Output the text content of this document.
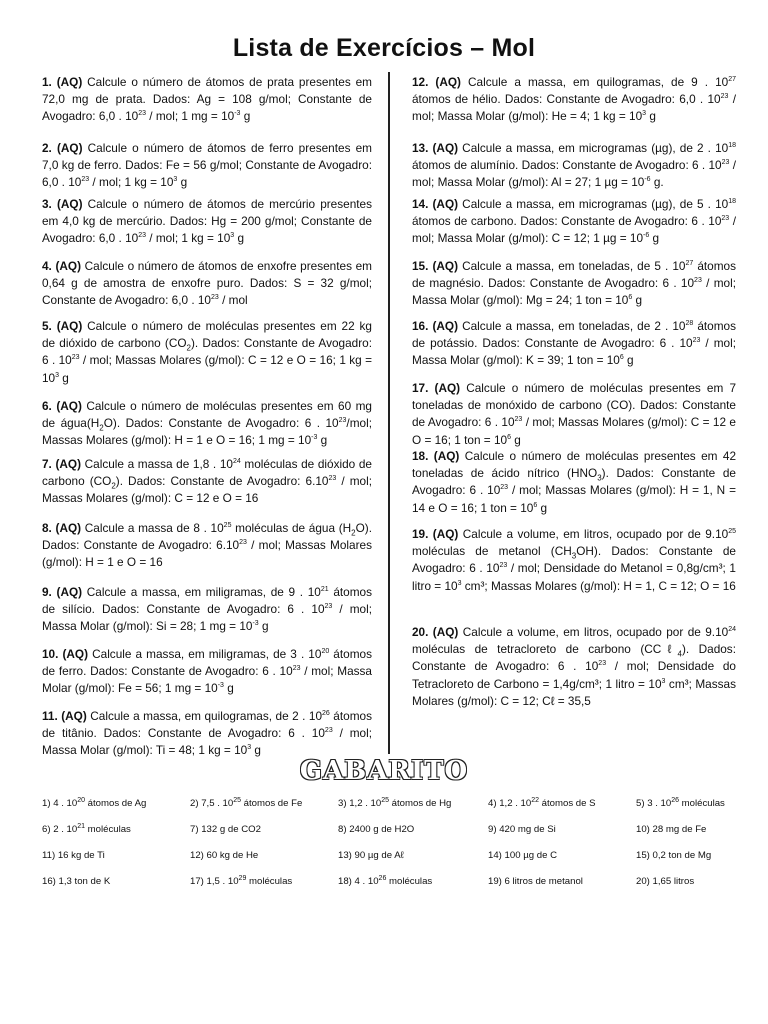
Lista de Exercícios – Mol
1. (AQ) Calcule o número de átomos de prata presentes em 72,0 mg de prata. Dados: Ag = 108 g/mol; Constante de Avogadro: 6,0 . $10^{23}$ / mol; 1 mg = $10^{-3}$ g
2. (AQ) Calcule o número de átomos de ferro presentes em 7,0 kg de ferro. Dados: Fe = 56 g/mol; Constante de Avogadro: 6,0 . $10^{23}$ / mol; 1 kg = $10^3$ g
3. (AQ) Calcule o número de átomos de mercúrio presentes em 4,0 kg de mercúrio. Dados: Hg = 200 g/mol; Constante de Avogadro: 6,0 . $10^{23}$ / mol; 1 kg = $10^3$ g
4. (AQ) Calcule o número de átomos de enxofre presentes em 0,64 g de amostra de enxofre puro. Dados: S = 32 g/mol; Constante de Avogadro: 6,0 . $10^{23}$ / mol
5. (AQ) Calcule o número de moléculas presentes em 22 kg de dióxido de carbono $(CO_2)$. Dados: Constante de Avogadro: 6 . $10^{23}$ / mol; Massas Molares (g/mol): C = 12 e O = 16; 1 kg = $10^3$ g
6. (AQ) Calcule o número de moléculas presentes em 60 mg de $água(H_2O)$. Dados: Constante de Avogadro: 6 . $10^{23}$/mol; Massas Molares (g/mol): H = 1 e O = 16; 1 mg = $10^{-3}$ g
7. (AQ) Calcule a massa de 1,8 . $10^{24}$ moléculas de dióxido de carbono $(CO_2)$. Dados: Constante de Avogadro: 6.10$^{23}$ / mol; Massas Molares (g/mol): C = 12 e O = 16
8. (AQ) Calcule a massa de 8 . $10^{25}$ moléculas de água $(H_2O)$. Dados: Constante de Avogadro: 6.10$^{23}$ / mol; Massas Molares (g/mol): H = 1 e O = 16
9. (AQ) Calcule a massa, em miligramas, de 9 . $10^{21}$ átomos de silício. Dados: Constante de Avogadro: 6 . $10^{23}$ / mol; Massa Molar (g/mol): Si = 28; 1 mg = $10^{-3}$ g
10. (AQ) Calcule a massa, em miligramas, de 3 . $10^{20}$ átomos de ferro. Dados: Constante de Avogadro: 6 . $10^{23}$ / mol; Massa Molar (g/mol): Fe = 56; 1 mg = $10^{-3}$ g
11. (AQ) Calcule a massa, em quilogramas, de 2 . $10^{26}$ átomos de titânio. Dados: Constante de Avogadro: 6 . $10^{23}$ / mol; Massa Molar (g/mol): Ti = 48; 1 kg = $10^3$ g
12. (AQ) Calcule a massa, em quilogramas, de 9 . $10^{27}$ átomos de hélio. Dados: Constante de Avogadro: 6,0 . $10^{23}$ / mol; Massa Molar (g/mol): He = 4; 1 kg = $10^3$ g
13. (AQ) Calcule a massa, em microgramas (µg), de 2 . $10^{18}$ átomos de alumínio. Dados: Constante de Avogadro: 6 . $10^{23}$ / mol; Massa Molar (g/mol): Al = 27; 1 $\mu g = 10^{-6}$ g.
14. (AQ) Calcule a massa, em microgramas (µg), de 5 . $10^{18}$ átomos de carbono. Dados: Constante de Avogadro: 6 . $10^{23}$ / mol; Massa Molar (g/mol): C = 12; 1 $\mu g = 10^{-6}$ g
15. (AQ) Calcule a massa, em toneladas, de 5 . $10^{27}$ átomos de magnésio. Dados: Constante de Avogadro: 6 . $10^{23}$ / mol; Massa Molar (g/mol): Mg = 24; 1 ton = $10^6$ g
16. (AQ) Calcule a massa, em toneladas, de 2 . $10^{28}$ átomos de potássio. Dados: Constante de Avogadro: 6 . $10^{23}$ / mol; Massa Molar (g/mol): K = 39; 1 ton = $10^6$ g
17. (AQ) Calcule o número de moléculas presentes em 7 toneladas de monóxido de carbono (CO). Dados: Constante de Avogadro: 6 . $10^{23}$ / mol; Massas Molares (g/mol): C = 12 e O = 16; 1 ton = $10^6$ g
18. (AQ) Calcule o número de moléculas presentes em 42 toneladas de ácido nítrico $(HNO_3)$. Dados: Constante de Avogadro: 6 . $10^{23}$ / mol; Massas Molares (g/mol): H = 1, N = 14 e O = 16; 1 ton = $10^6$ g
19. (AQ) Calcule a volume, em litros, ocupado por de 9.10$^{25}$ moléculas de metanol $(CH_3OH)$. Dados: Constante de Avogadro: 6 . $10^{23}$ / mol; Densidade do Metanol = 0,8g/cm³; 1 litro = $10^3$ cm³; Massas Molares (g/mol): H = 1, C = 12; O = 16
20. (AQ) Calcule a volume, em litros, ocupado por de 9.10$^{24}$ moléculas de tetracloreto de carbono (CCℓ$_4$). Dados: Constante de Avogadro: 6 . $10^{23}$ / mol; Densidade do Tetracloreto de Carbono = 1,4g/cm³; 1 litro = $10^3$ cm³; Massas Molares (g/mol): C = 12; Cℓ = 35,5
GABARITO
1) 4 . $10^{20}$ átomos de Ag	2) 7,5 . $10^{25}$ átomos de Fe	3) 1,2 . $10^{25}$ átomos de Hg	4) 1,2 . $10^{22}$ átomos de S	5) 3 . $10^{26}$ moléculas
6) 2 . $10^{21}$ moléculas	7) 132 g de CO2	8) 2400 g de H2O	9) 420 mg de Si	10) 28 mg de Fe
11) 16 kg de Ti	12) 60 kg de He	13) 90 µg de Aℓ	14) 100 µg de C	15) 0,2 ton de Mg
16) 1,3 ton de K	17) 1,5 . $10^{29}$ moléculas	18) 4 . $10^{26}$ moléculas	19) 6 litros de metanol	20) 1,65 litros
